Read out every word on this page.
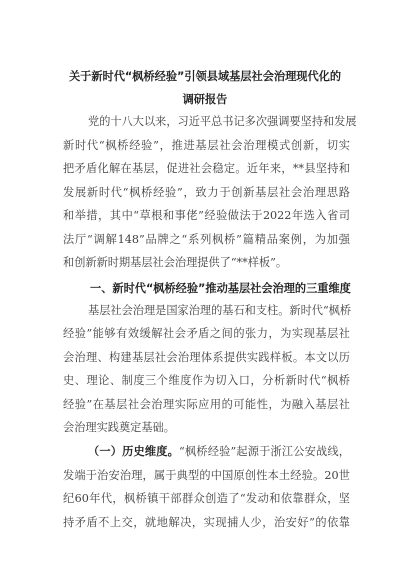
关于新时代“枫桥经验”引领县域基层社会治理现代化的
调研报告
党的十八大以来，习近平总书记多次强调要坚持和发展
新时代“枫桥经验”，推进基层社会治理模式创新，切实
把矛盾化解在基层，促进社会稳定。近年来，**县坚持和
发展新时代“枫桥经验”，致力于创新基层社会治理思路
和举措，其中“草根和事佬”经验做法于2022年选入省司
法厅“调解148”品牌之“系列枫桥”篇精品案例，为加强
和创新新时期基层社会治理提供了“**样板”。
一、新时代“枫桥经验”推动基层社会治理的三重维度
基层社会治理是国家治理的基石和支柱。新时代“枫桥
经验”能够有效缓解社会矛盾之间的张力，为实现基层社
会治理、构建基层社会治理体系提供实践样板。本文以历
史、理论、制度三个维度作为切入口，分析新时代“枫桥
经验”在基层社会治理实际应用的可能性，为融入基层社
会治理实践奠定基础。
（一）历史维度。“枫桥经验”起源于浙江公安战线，
发端于治安治理，属于典型的中国原创性本土经验。20世
纪60年代，枫桥镇干部群众创造了“发动和依靠群众，坚
持矛盾不上交，就地解决，实现捕人少，治安好”的依靠
